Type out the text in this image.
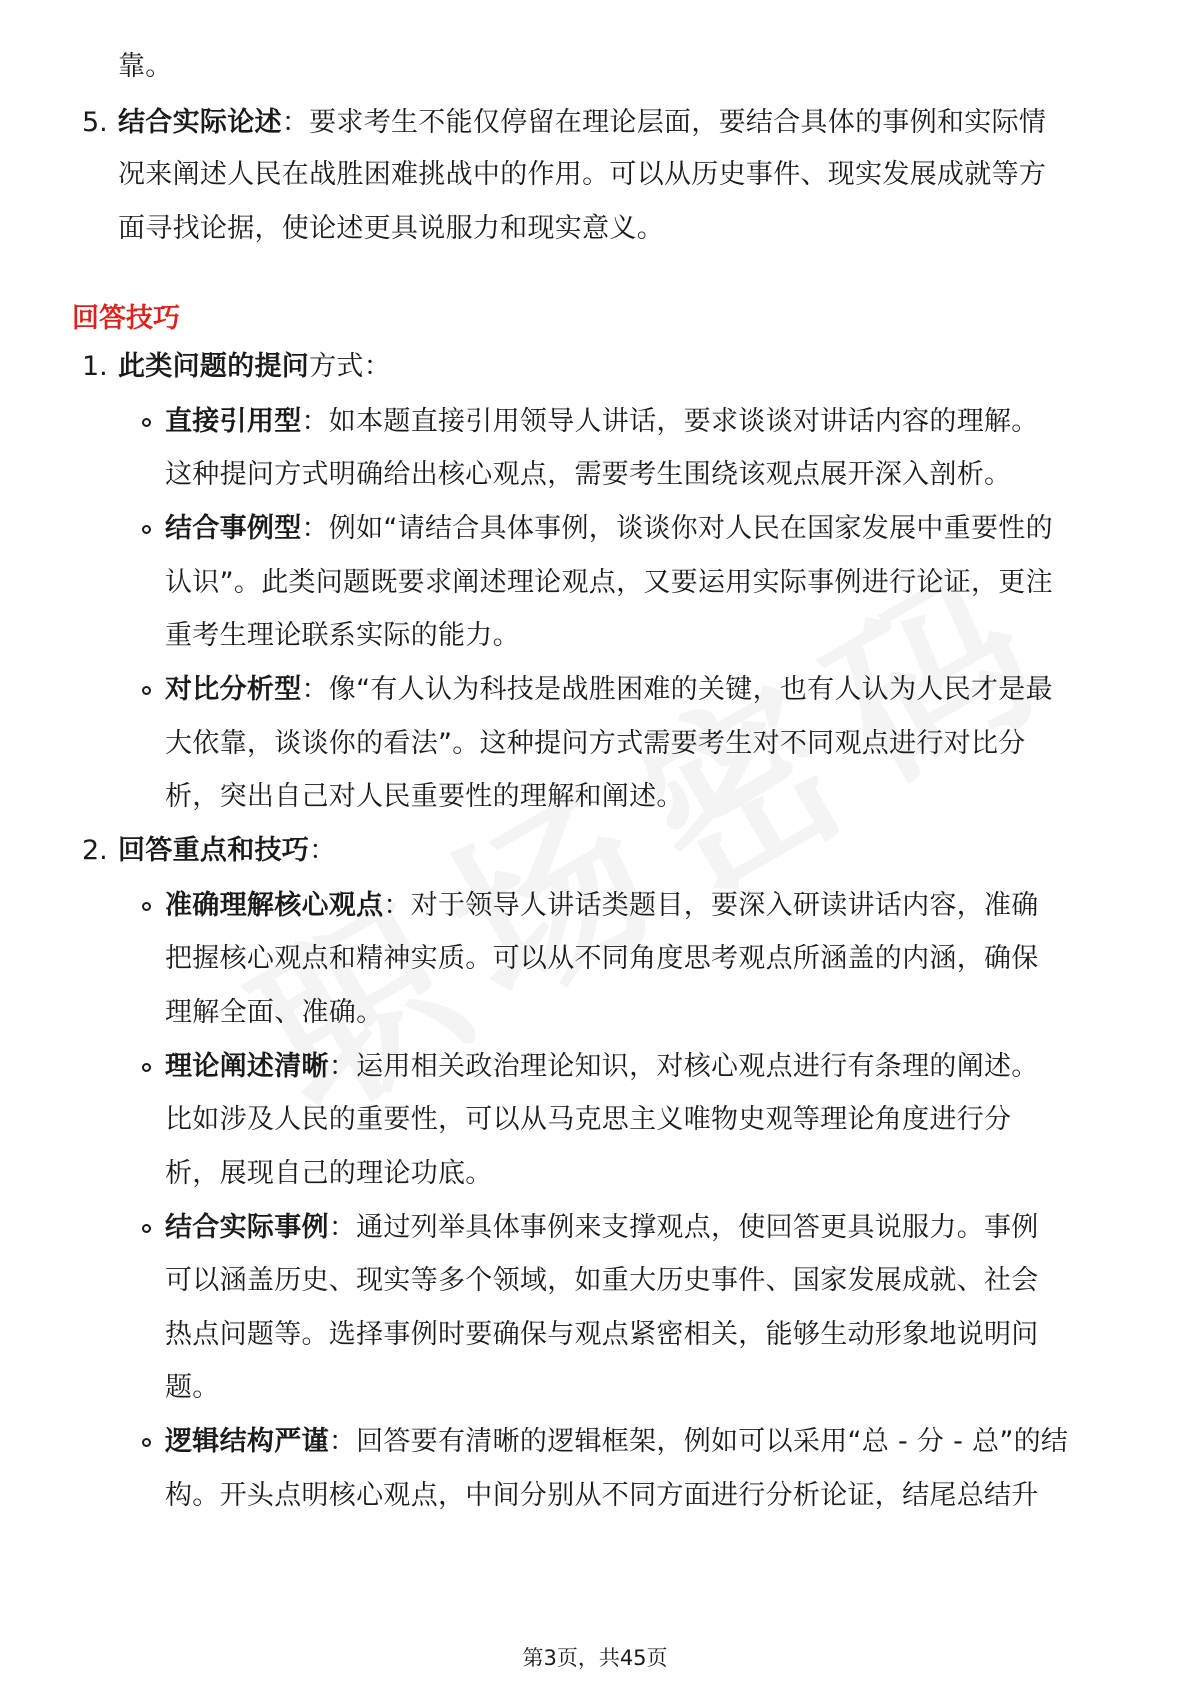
靠。
5. 结合实际论述：要求考生不能仅停留在理论层面，要结合具体的事例和实际情
况来阐述人民在战胜困难挑战中的作用。可以从历史事件、现实发展成就等方
面寻找论据，使论述更具说服力和现实意义。
回答技巧
1. 此类问题的提问方式：
直接引用型：如本题直接引用领导人讲话，要求谈谈对讲话内容的理解。
这种提问方式明确给出核心观点，需要考生围绕该观点展开深入剖析。
结合事例型：例如“请结合具体事例，谈谈你对人民在国家发展中重要性的
认识”。此类问题既要求阐述理论观点，又要运用实际事例进行论证，更注
重考生理论联系实际的能力。
对比分析型：像“有人认为科技是战胜困难的关键，也有人认为人民才是最
大依靠，谈谈你的看法”。这种提问方式需要考生对不同观点进行对比分
析，突出自己对人民重要性的理解和阐述。
2. 回答重点和技巧：
准确理解核心观点：对于领导人讲话类题目，要深入研读讲话内容，准确
把握核心观点和精神实质。可以从不同角度思考观点所涵盖的内涵，确保
理解全面、准确。
理论阐述清晰：运用相关政治理论知识，对核心观点进行有条理的阐述。
比如涉及人民的重要性，可以从马克思主义唯物史观等理论角度进行分
析，展现自己的理论功底。
结合实际事例：通过列举具体事例来支撑观点，使回答更具说服力。事例
可以涵盖历史、现实等多个领域，如重大历史事件、国家发展成就、社会
热点问题等。选择事例时要确保与观点紧密相关，能够生动形象地说明问
题。
逻辑结构严谨：回答要有清晰的逻辑框架，例如可以采用“总 - 分 - 总”的结
构。开头点明核心观点，中间分别从不同方面进行分析论证，结尾总结升
第3页，共45页
